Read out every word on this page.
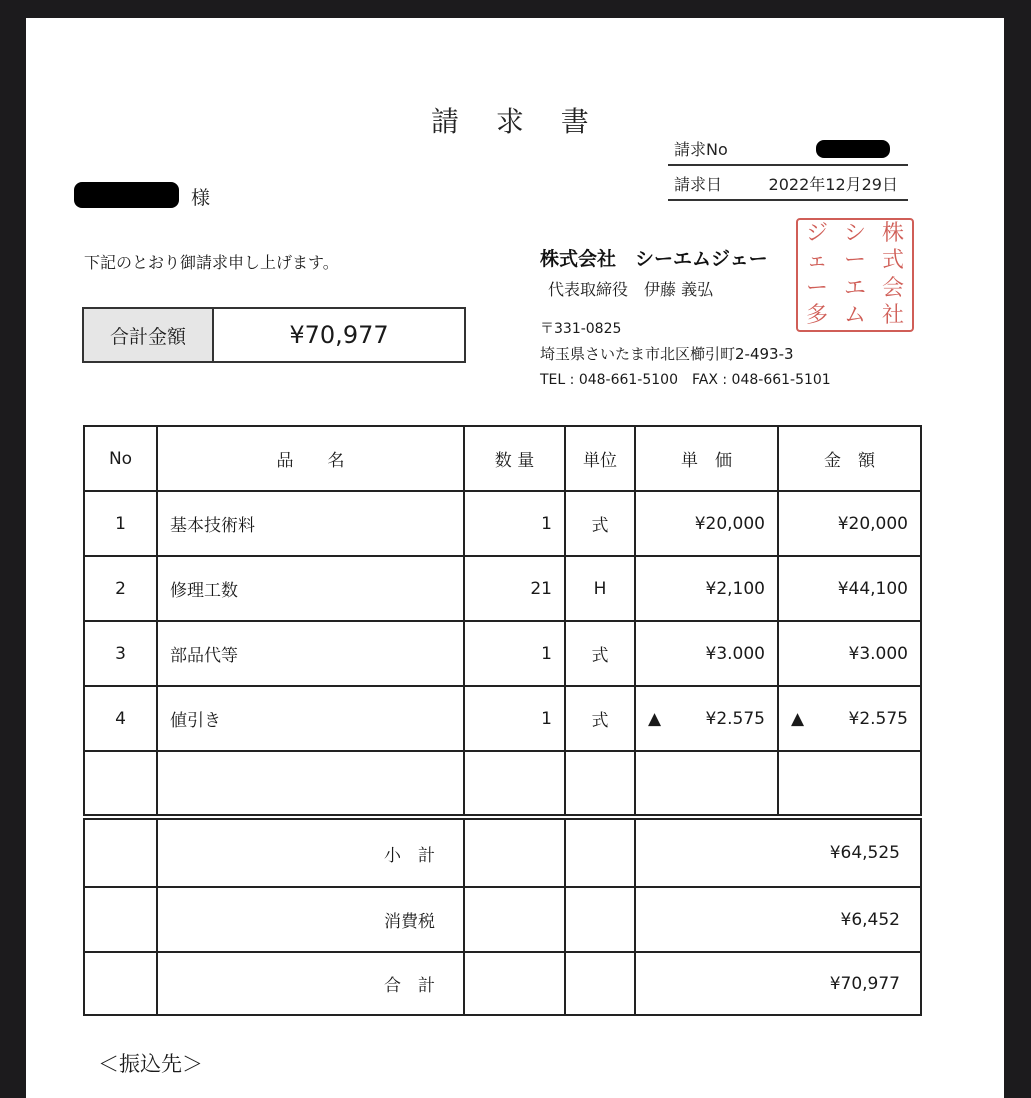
請 求 書
請求No
請求日	2022年12月29日
様
下記のとおり御請求申し上げます。
合計金額	¥70,977
株式会社　シーエムジェー
代表取締役　伊藤 義弘
〒331-0825
埼玉県さいたま市北区櫛引町2-493-3
TEL : 048-661-5100　FAX : 048-661-5101
ジ
ェ
ー
多
シ
ー
エ
ム
株
式
会
社
No	品　　名	数 量	単位	単　価	金　額
1	基本技術料	1	式	¥20,000	¥20,000
2	修理工数	21	H	¥2,100	¥44,100
3	部品代等	1	式	¥3.000	¥3.000
4	値引き	1	式	▲ ¥2.575	▲ ¥2.575

	小　計			¥64,525	
	消費税			¥6,452	
	合　計			¥70,977	
＜振込先＞
